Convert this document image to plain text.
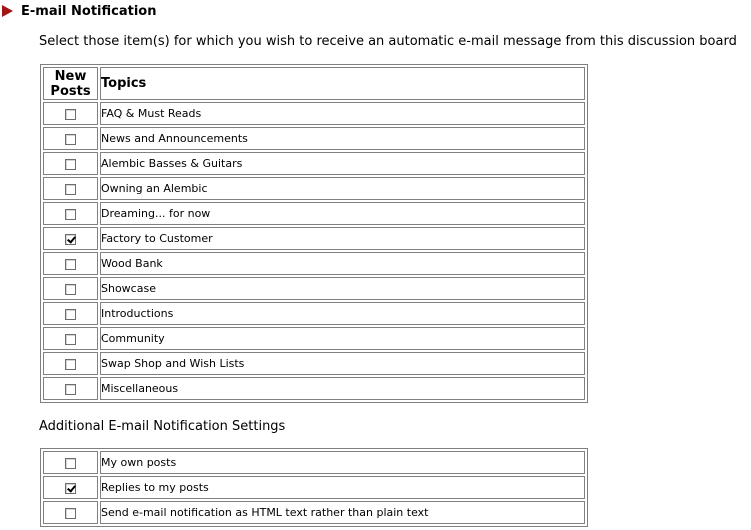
E-mail Notification
Select those item(s) for which you wish to receive an automatic e-mail message from this discussion board
New Posts	Topics
	FAQ & Must Reads
	News and Announcements
	Alembic Basses & Guitars
	Owning an Alembic
	Dreaming... for now
	Factory to Customer
	Wood Bank
	Showcase
	Introductions
	Community
	Swap Shop and Wish Lists
	Miscellaneous
Additional E-mail Notification Settings
	My own posts
	Replies to my posts
	Send e-mail notification as HTML text rather than plain text
